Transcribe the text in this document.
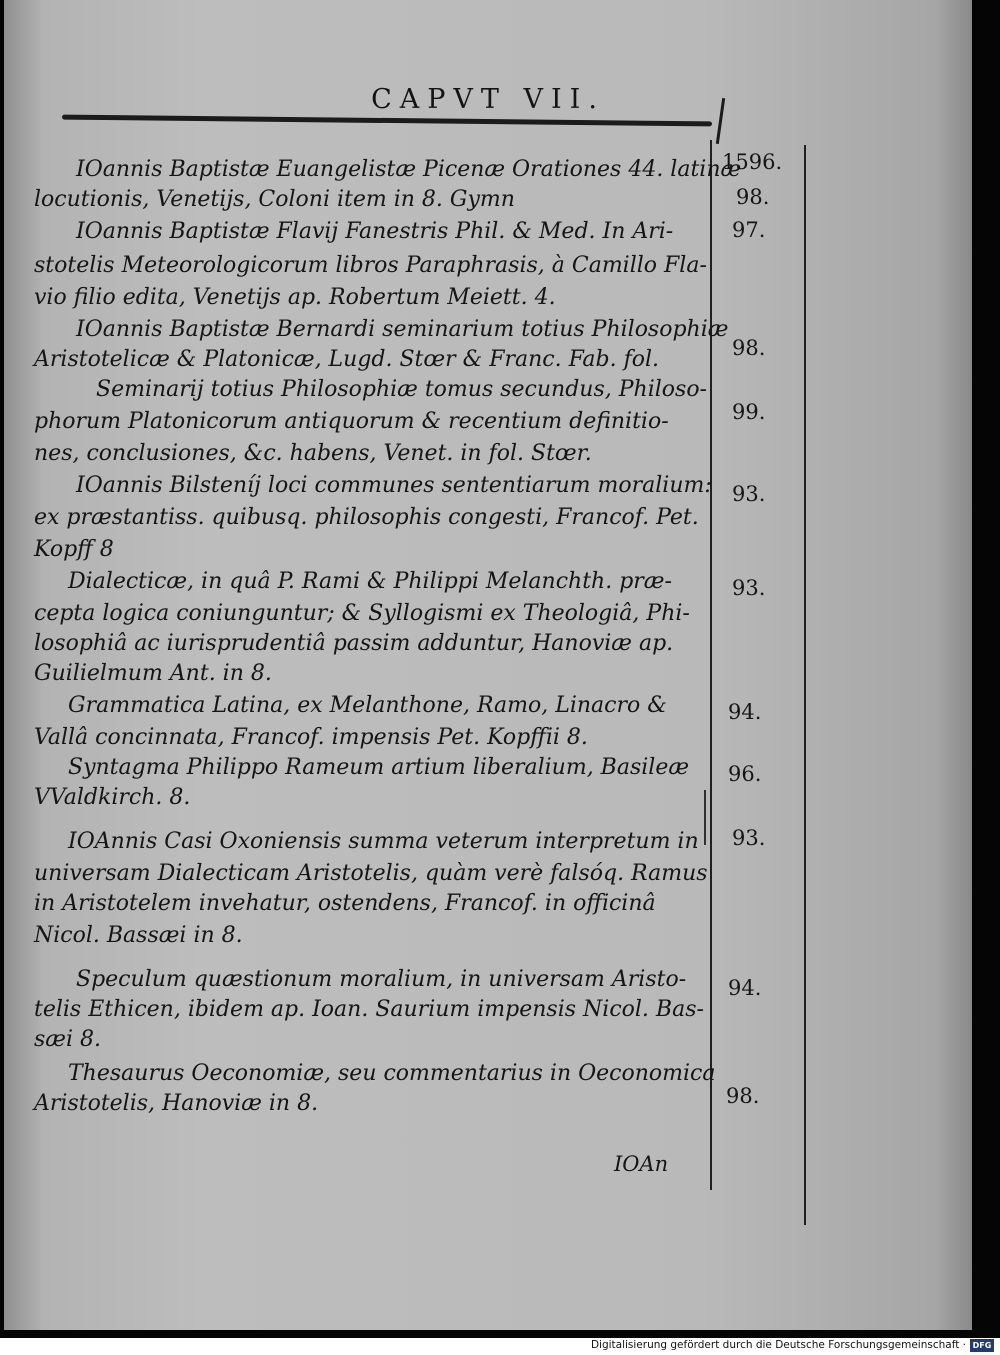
CAPVT VII.
IOannis Baptistæ Euangelistæ Picenæ Orationes 44. latinæ
locutionis, Venetijs, Coloni item in 8. Gymn
IOannis Baptistæ Flavij Fanestris Phil. & Med. In Ari-
stotelis Meteorologicorum libros Paraphrasis, à Camillo Fla-
vio filio edita, Venetijs ap. Robertum Meiett. 4.
IOannis Baptistæ Bernardi seminarium totius Philosophiæ
Aristotelicæ & Platonicæ, Lugd. Stœr & Franc. Fab. fol.
Seminarij totius Philosophiæ tomus secundus, Philoso-
phorum Platonicorum antiquorum & recentium definitio-
nes, conclusiones, &c. habens, Venet. in fol. Stœr.
IOannis Bilsteníj loci communes sententiarum moralium:
ex præstantiss. quibusq. philosophis congesti, Francof. Pet.
Kopff 8
Dialecticæ, in quâ P. Rami & Philippi Melanchth. præ-
cepta logica coniunguntur; & Syllogismi ex Theologiâ, Phi-
losophiâ ac iurisprudentiâ passim adduntur, Hanoviæ ap.
Guilielmum Ant. in 8.
Grammatica Latina, ex Melanthone, Ramo, Linacro &
Vallâ concinnata, Francof. impensis Pet. Kopffii 8.
Syntagma Philippo Rameum artium liberalium, Basileæ
VValdkirch. 8.
IOAnnis Casi Oxoniensis summa veterum interpretum in
universam Dialecticam Aristotelis, quàm verè falsóq. Ramus
in Aristotelem invehatur, ostendens, Francof. in officinâ
Nicol. Bassæi in 8.
Speculum quæstionum moralium, in universam Aristo-
telis Ethicen, ibidem ap. Ioan. Saurium impensis Nicol. Bas-
sæi 8.
Thesaurus Oeconomiæ, seu commentarius in Oeconomica
Aristotelis, Hanoviæ in 8.
1596.
98.
97.
98.
99.
93.
93.
94.
96.
93.
94.
98.
IOAn
Digitalisierung gefördert durch die Deutsche Forschungsgemeinschaft · DFG
